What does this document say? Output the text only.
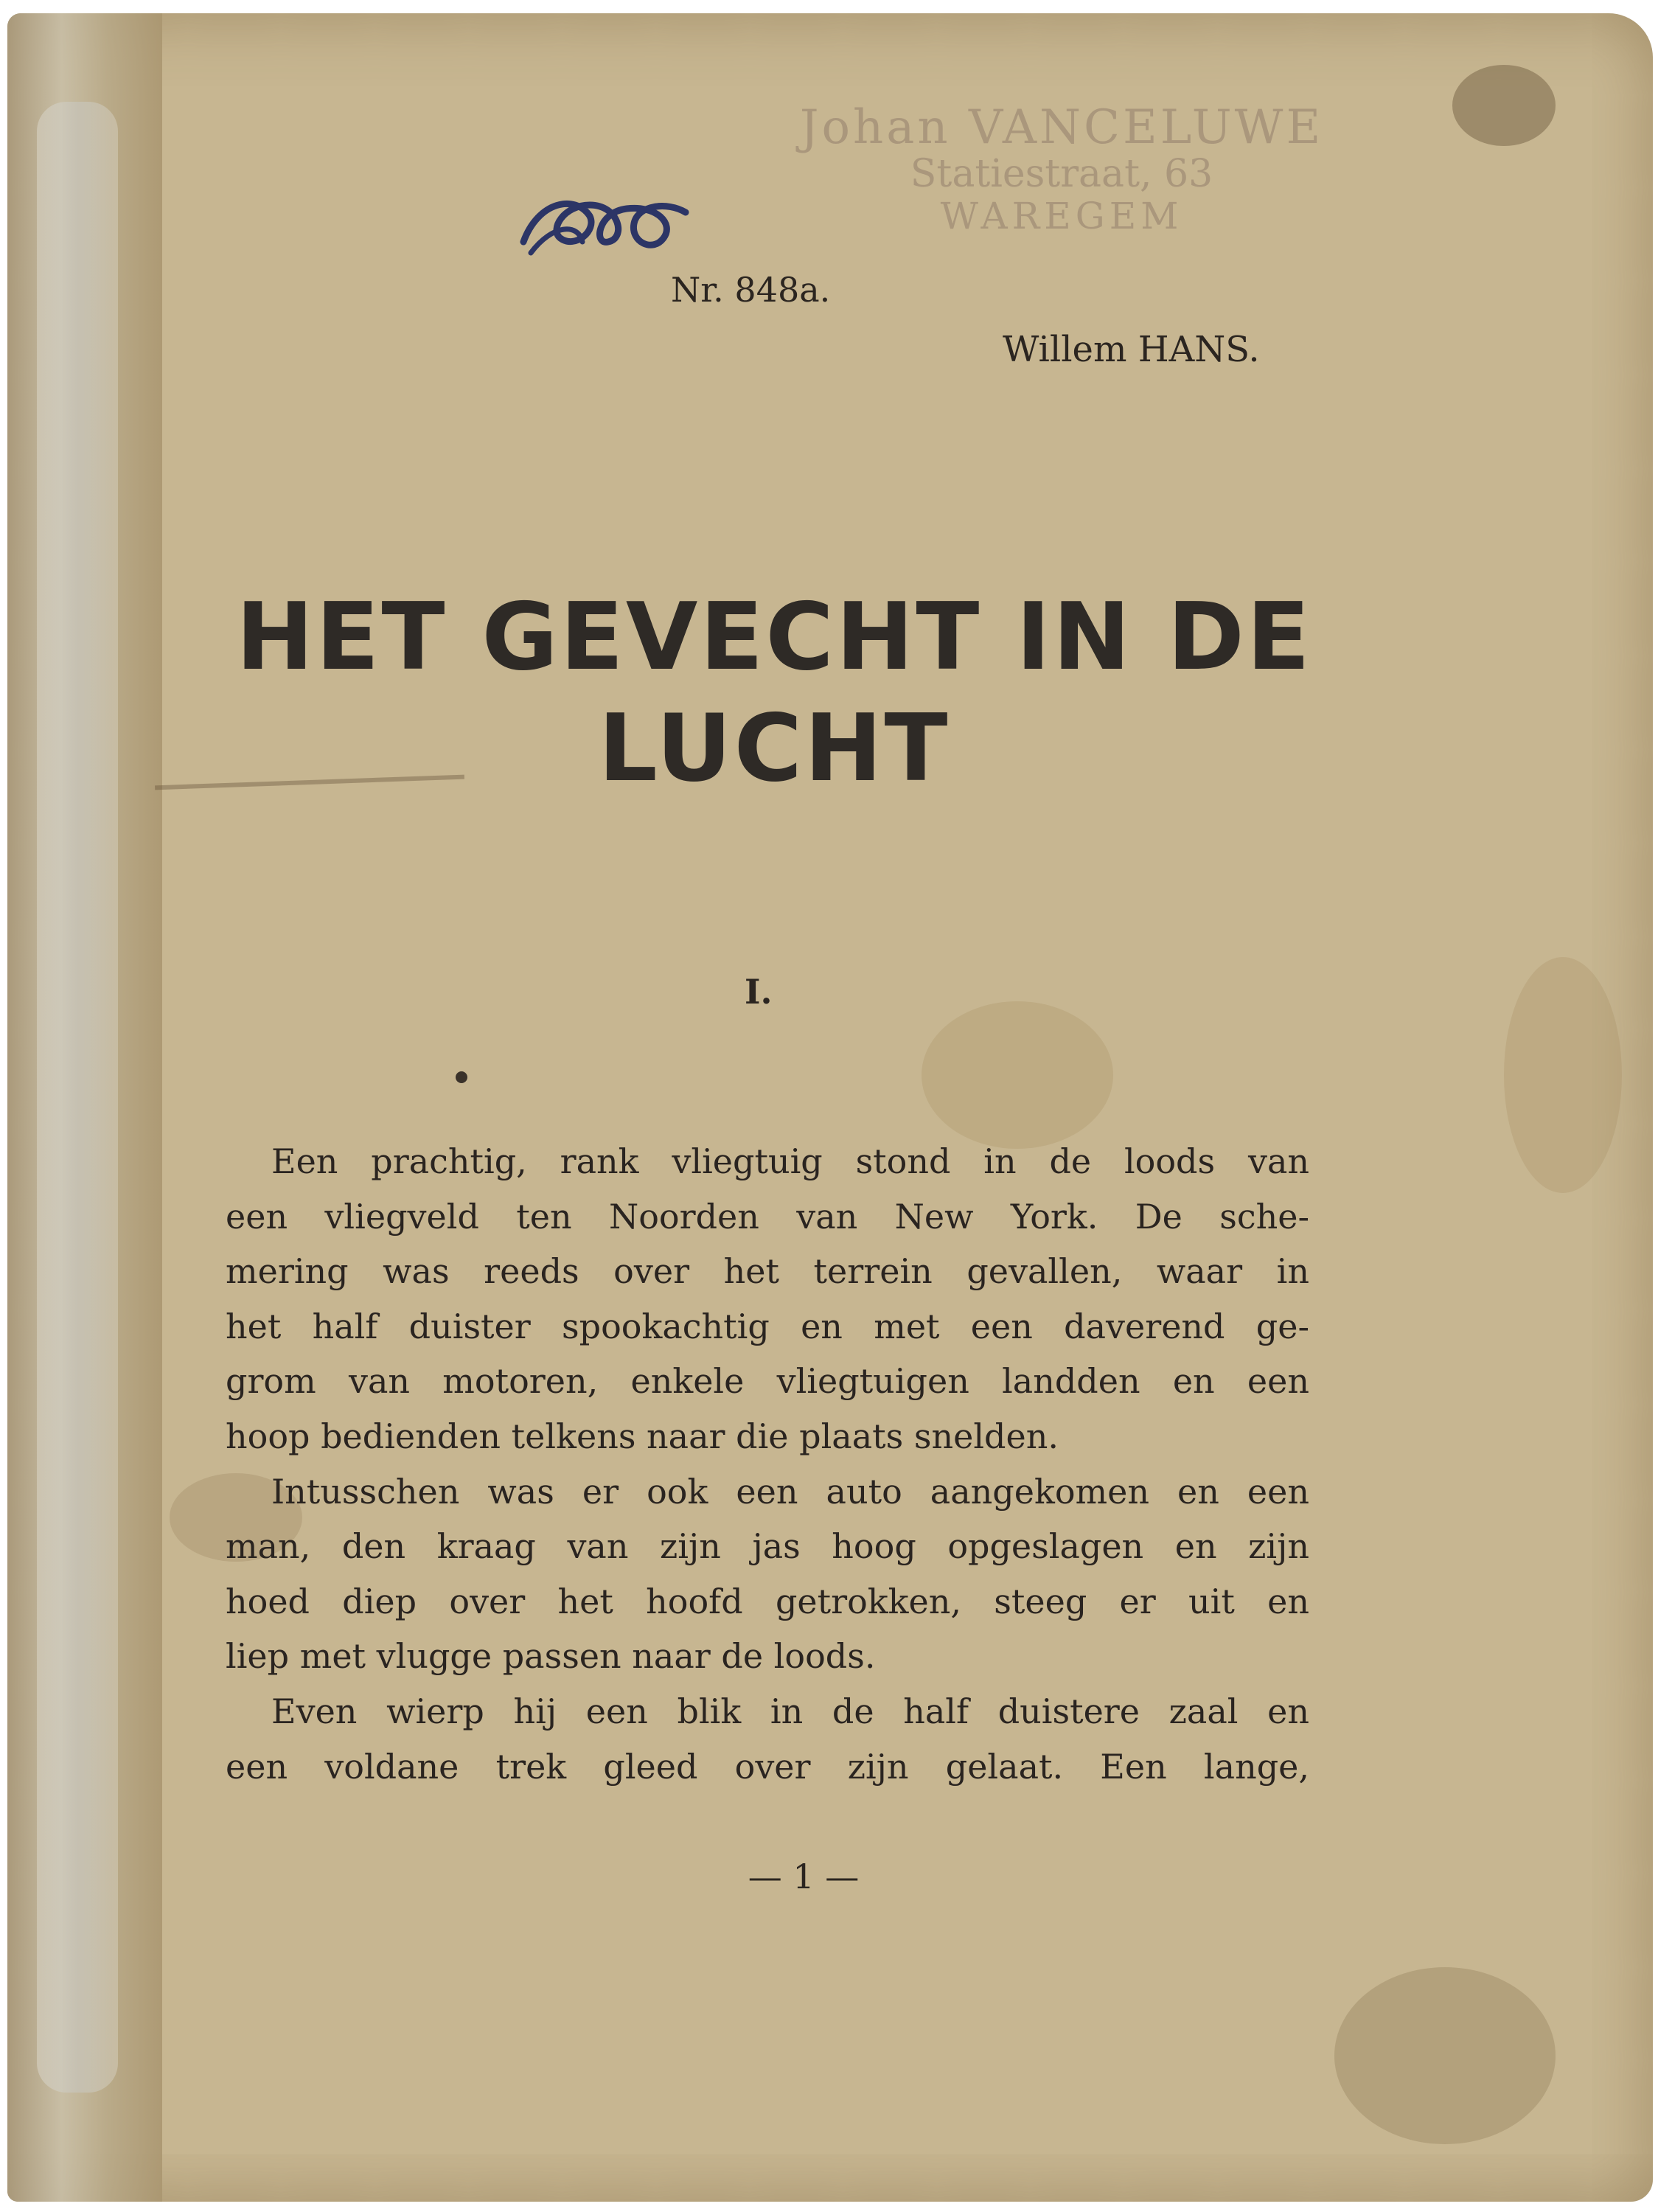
Johan VANCELUWE
Statiestraat, 63
WAREGEM
Nr. 848a.
Willem HANS.
HET GEVECHT IN DE
LUCHT
I.
Een prachtig, rank vliegtuig stond in de loods van
een vliegveld ten Noorden van New York. De sche-
mering was reeds over het terrein gevallen, waar in
het half duister spookachtig en met een daverend ge-
grom van motoren, enkele vliegtuigen landden en een
hoop bedienden telkens naar die plaats snelden.
Intusschen was er ook een auto aangekomen en een
man, den kraag van zijn jas hoog opgeslagen en zijn
hoed diep over het hoofd getrokken, steeg er uit en
liep met vlugge passen naar de loods.
Even wierp hij een blik in de half duistere zaal en
een voldane trek gleed over zijn gelaat. Een lange,
— 1 —
